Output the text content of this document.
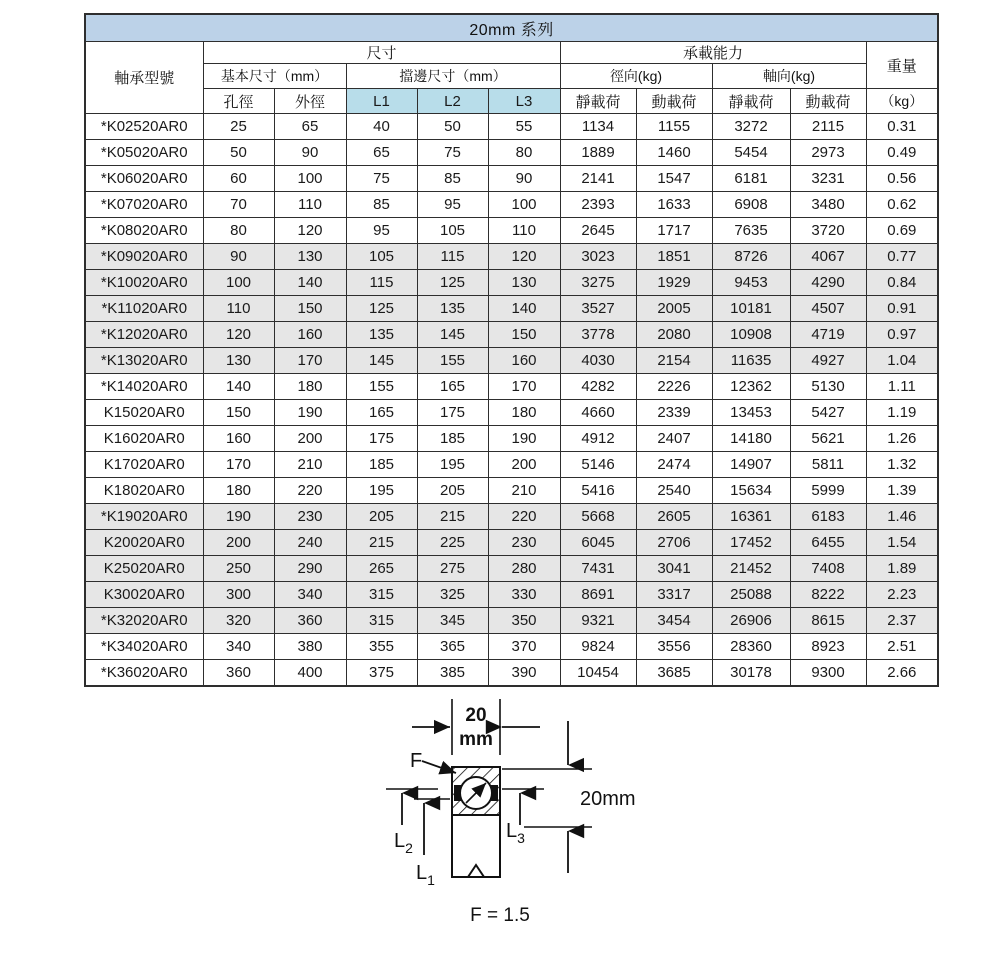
20mm 系列										
軸承型號	尺寸					承載能力				重量
	基本尺寸（mm）		擋邊尺寸（mm）			徑向(kg)		軸向(kg)		
	孔徑	外徑	L1	L2	L3	靜載荷	動載荷	靜載荷	動載荷	（kg）
*K02520AR0	25	65	40	50	55	1134	1155	3272	2115	0.31
*K05020AR0	50	90	65	75	80	1889	1460	5454	2973	0.49
*K06020AR0	60	100	75	85	90	2141	1547	6181	3231	0.56
*K07020AR0	70	110	85	95	100	2393	1633	6908	3480	0.62
*K08020AR0	80	120	95	105	110	2645	1717	7635	3720	0.69
*K09020AR0	90	130	105	115	120	3023	1851	8726	4067	0.77
*K10020AR0	100	140	115	125	130	3275	1929	9453	4290	0.84
*K11020AR0	110	150	125	135	140	3527	2005	10181	4507	0.91
*K12020AR0	120	160	135	145	150	3778	2080	10908	4719	0.97
*K13020AR0	130	170	145	155	160	4030	2154	11635	4927	1.04
*K14020AR0	140	180	155	165	170	4282	2226	12362	5130	1.11
K15020AR0	150	190	165	175	180	4660	2339	13453	5427	1.19
K16020AR0	160	200	175	185	190	4912	2407	14180	5621	1.26
K17020AR0	170	210	185	195	200	5146	2474	14907	5811	1.32
K18020AR0	180	220	195	205	210	5416	2540	15634	5999	1.39
*K19020AR0	190	230	205	215	220	5668	2605	16361	6183	1.46
K20020AR0	200	240	215	225	230	6045	2706	17452	6455	1.54
K25020AR0	250	290	265	275	280	7431	3041	21452	7408	1.89
K30020AR0	300	340	315	325	330	8691	3317	25088	8222	2.23
*K32020AR0	320	360	315	345	350	9321	3454	26906	8615	2.37
*K34020AR0	340	380	355	365	370	9824	3556	28360	8923	2.51
*K36020AR0	360	400	375	385	390	10454	3685	30178	9300	2.66
20
mm
F
$L_2$
$L_1$
$L_3$
20mm
F = 1.5
